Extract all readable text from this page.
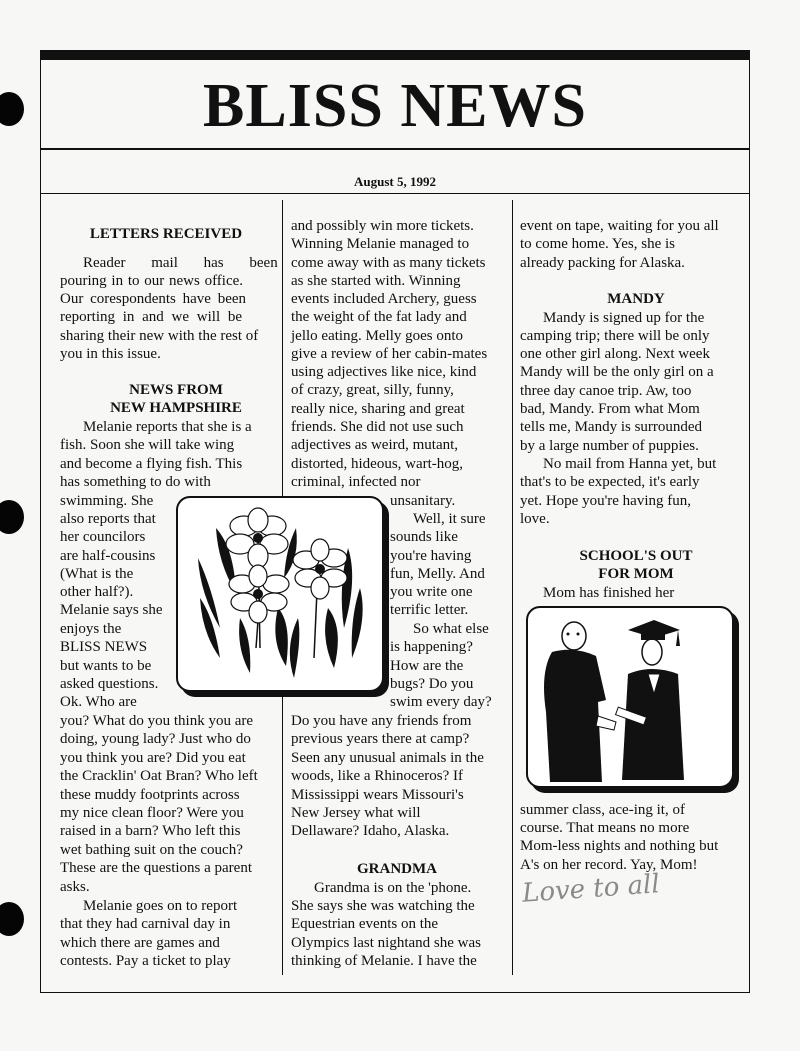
BLISS NEWS
August 5, 1992
LETTERS RECEIVED
Reader mail has been
pouring in to our news office.
Our corespondents have been
reporting in and we will be
sharing their new with the rest of
you in this issue.
NEWS FROM
NEW HAMPSHIRE
Melanie reports that she is a
fish. Soon she will take wing
and become a flying fish. This
has something to do with
swimming. She
also reports that
her councilors
are half-cousins
(What is the
other half?).
Melanie says she
enjoys the
BLISS NEWS
but wants to be
asked questions.
Ok. Who are
you? What do you think you are
doing, young lady? Just who do
you think you are? Did you eat
the Cracklin' Oat Bran? Who left
these muddy footprints across
my nice clean floor? Were you
raised in a barn? Who left this
wet bathing suit on the couch?
These are the questions a parent
asks.
Melanie goes on to report
that they had carnival day in
which there are games and
contests. Pay a ticket to play
and possibly win more tickets.
Winning Melanie managed to
come away with as many tickets
as she started with. Winning
events included Archery, guess
the weight of the fat lady and
jello eating. Melly goes onto
give a review of her cabin-mates
using adjectives like nice, kind
of crazy, great, silly, funny,
really nice, sharing and great
friends. She did not use such
adjectives as weird, mutant,
distorted, hideous, wart-hog,
criminal, infected nor
unsanitary.
Well, it sure
sounds like
you're having
fun, Melly. And
you write one
terrific letter.
So what else
is happening?
How are the
bugs? Do you
swim every day?
Do you have any friends from
previous years there at camp?
Seen any unusual animals in the
woods, like a Rhinoceros? If
Mississippi wears Missouri's
New Jersey what will
Dellaware? Idaho, Alaska.
GRANDMA
Grandma is on the 'phone.
She says she was watching the
Equestrian events on the
Olympics last nightand she was
thinking of Melanie. I have the
event on tape, waiting for you all
to come home. Yes, she is
already packing for Alaska.
MANDY
Mandy is signed up for the
camping trip; there will be only
one other girl along. Next week
Mandy will be the only girl on a
three day canoe trip. Aw, too
bad, Mandy. From what Mom
tells me, Mandy is surrounded
by a large number of puppies.
No mail from Hanna yet, but
that's to be expected, it's early
yet. Hope you're having fun,
love.
SCHOOL'S OUT
FOR MOM
Mom has finished her
summer class, ace-ing it, of
course. That means no more
Mom-less nights and nothing but
A's on her record. Yay, Mom!
Love to all
